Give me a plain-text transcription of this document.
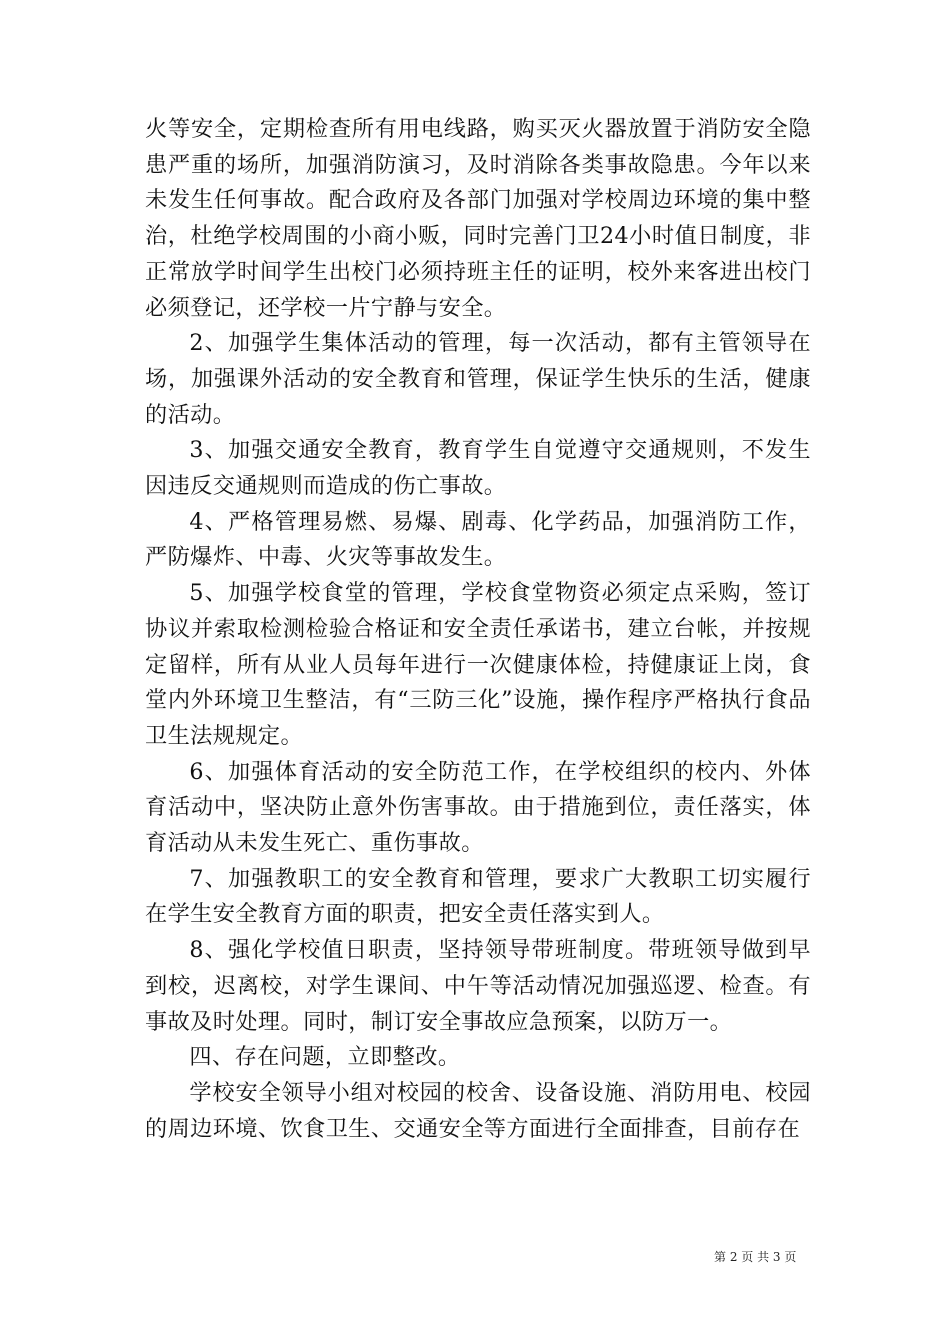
火等安全，定期检查所有用电线路，购买灭火器放置于消防安全隐患严重的场所，加强消防演习，及时消除各类事故隐患。今年以来未发生任何事故。配合政府及各部门加强对学校周边环境的集中整治，杜绝学校周围的小商小贩，同时完善门卫24小时值日制度，非正常放学时间学生出校门必须持班主任的证明，校外来客进出校门必须登记，还学校一片宁静与安全。

2、加强学生集体活动的管理，每一次活动，都有主管领导在场，加强课外活动的安全教育和管理，保证学生快乐的生活，健康的活动。

3、加强交通安全教育，教育学生自觉遵守交通规则，不发生因违反交通规则而造成的伤亡事故。

4、严格管理易燃、易爆、剧毒、化学药品，加强消防工作，严防爆炸、中毒、火灾等事故发生。

5、加强学校食堂的管理，学校食堂物资必须定点采购，签订协议并索取检测检验合格证和安全责任承诺书，建立台帐，并按规定留样，所有从业人员每年进行一次健康体检，持健康证上岗，食堂内外环境卫生整洁，有“三防三化”设施，操作程序严格执行食品卫生法规规定。

6、加强体育活动的安全防范工作，在学校组织的校内、外体育活动中，坚决防止意外伤害事故。由于措施到位，责任落实，体育活动从未发生死亡、重伤事故。

7、加强教职工的安全教育和管理，要求广大教职工切实履行在学生安全教育方面的职责，把安全责任落实到人。

8、强化学校值日职责，坚持领导带班制度。带班领导做到早到校，迟离校，对学生课间、中午等活动情况加强巡逻、检查。有事故及时处理。同时，制订安全事故应急预案，以防万一。

四、存在问题，立即整改。

学校安全领导小组对校园的校舍、设备设施、消防用电、校园的周边环境、饮食卫生、交通安全等方面进行全面排查，目前存在

第 2 页 共 3 页
